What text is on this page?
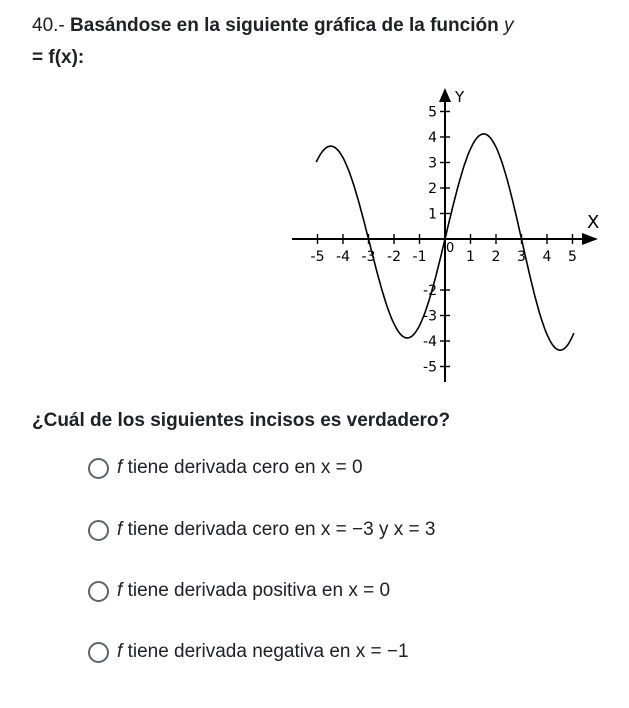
40.- Basándose en la siguiente gráfica de la función y
= f(x):
Y
X
-5 -4 -3 -2 -1	1 2 3 4 5
5
4
3
2
1
-2
-3
-4
-5
0
¿Cuál de los siguientes incisos es verdadero?
f
tiene derivada cero en
x = 0
f
tiene derivada cero en
x = −3 y x = 3
f
tiene derivada positiva en
x = 0
f
tiene derivada negativa en
x = −1
